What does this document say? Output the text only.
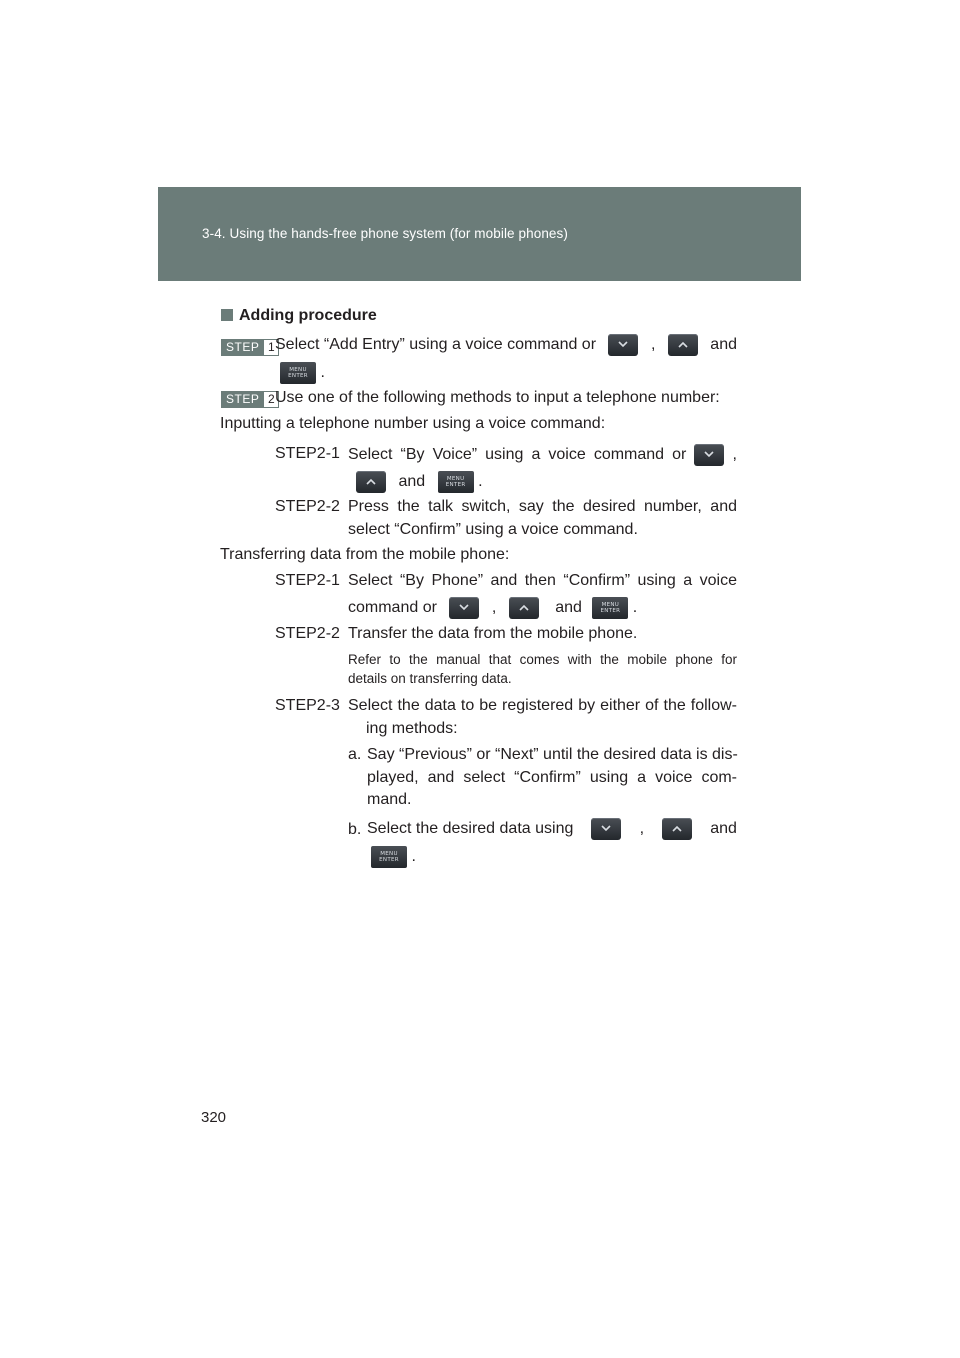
3-4. Using the hands-free phone system (for mobile phones)
Adding procedure
STEP 1 Select “Add Entry” using a voice command or	,	and
MENU
ENTER .
STEP 2 Use one of the following methods to input a telephone number:
Inputting a telephone number using a voice command:
STEP2-1 Select “By Voice” using a voice command or	,
and	MENU
ENTER .
STEP2-2 Press the talk switch, say the desired number, and
select “Confirm” using a voice command.
Transferring data from the mobile phone:
STEP2-1 Select “By Phone” and then “Confirm” using a voice
command or	,	and	MENU
ENTER .
STEP2-2 Transfer the data from the mobile phone.
Refer to the manual that comes with the mobile phone for
details on transferring data.
STEP2-3 Select the data to be registered by either of the follow-
ing methods:
a. Say “Previous” or “Next” until the desired data is dis-
played, and select “Confirm” using a voice com-
mand.
b. Select the desired data using	,	and
MENU
ENTER .
320
